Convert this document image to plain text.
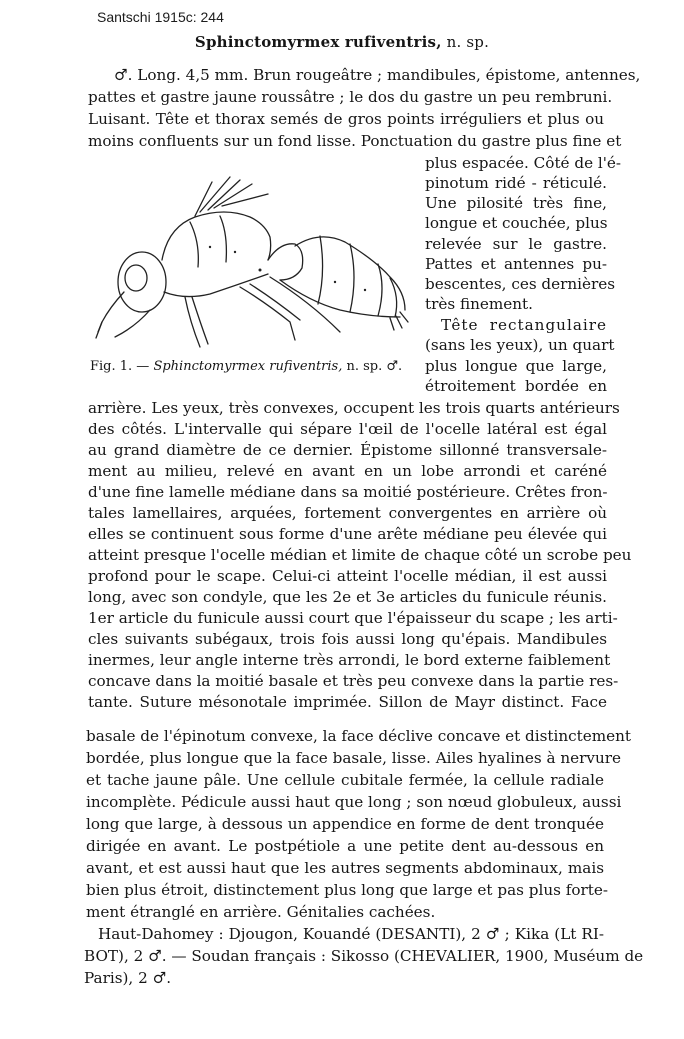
Santschi 1915c: 244
Sphinctomyrmex rufiventris, n. sp.
♂. Long. 4,5 mm. Brun rougeâtre ; mandibules, épistome, antennes,
pattes et gastre jaune roussâtre ; le dos du gastre un peu rembruni.
Luisant. Tête et thorax semés de gros points irréguliers et plus ou
moins confluents sur un fond lisse. Ponctuation du gastre plus fine et
plus espacée. Côté de l'é-
pinotum ridé - réticulé.
Une pilosité très fine,
longue et couchée, plus
relevée sur le gastre.
Pattes et antennes pu-
bescentes, ces dernières
très finement.
Tête rectangulaire
(sans les yeux), un quart
plus longue que large,
étroitement bordée en
Fig. 1. — Sphinctomyrmex rufiventris, n. sp. ♂.
arrière. Les yeux, très convexes, occupent les trois quarts antérieurs
des côtés. L'intervalle qui sépare l'œil de l'ocelle latéral est égal
au grand diamètre de ce dernier. Épistome sillonné transversale-
ment au milieu, relevé en avant en un lobe arrondi et caréné
d'une fine lamelle médiane dans sa moitié postérieure. Crêtes fron-
tales lamellaires, arquées, fortement convergentes en arrière où
elles se continuent sous forme d'une arête médiane peu élevée qui
atteint presque l'ocelle médian et limite de chaque côté un scrobe peu
profond pour le scape. Celui-ci atteint l'ocelle médian, il est aussi
long, avec son condyle, que les 2e et 3e articles du funicule réunis.
1er article du funicule aussi court que l'épaisseur du scape ; les arti-
cles suivants subégaux, trois fois aussi long qu'épais. Mandibules
inermes, leur angle interne très arrondi, le bord externe faiblement
concave dans la moitié basale et très peu convexe dans la partie res-
tante. Suture mésonotale imprimée. Sillon de Mayr distinct. Face
basale de l'épinotum convexe, la face déclive concave et distinctement
bordée, plus longue que la face basale, lisse. Ailes hyalines à nervure
et tache jaune pâle. Une cellule cubitale fermée, la cellule radiale
incomplète. Pédicule aussi haut que long ; son nœud globuleux, aussi
long que large, à dessous un appendice en forme de dent tronquée
dirigée en avant. Le postpétiole a une petite dent au-dessous en
avant, et est aussi haut que les autres segments abdominaux, mais
bien plus étroit, distinctement plus long que large et pas plus forte-
ment étranglé en arrière. Génitalies cachées.
Haut-Dahomey : Djougon, Kouandé (DESANTI), 2 ♂ ; Kika (Lt RI-
BOT), 2 ♂. — Soudan français : Sikosso (CHEVALIER, 1900, Muséum de
Paris), 2 ♂.
